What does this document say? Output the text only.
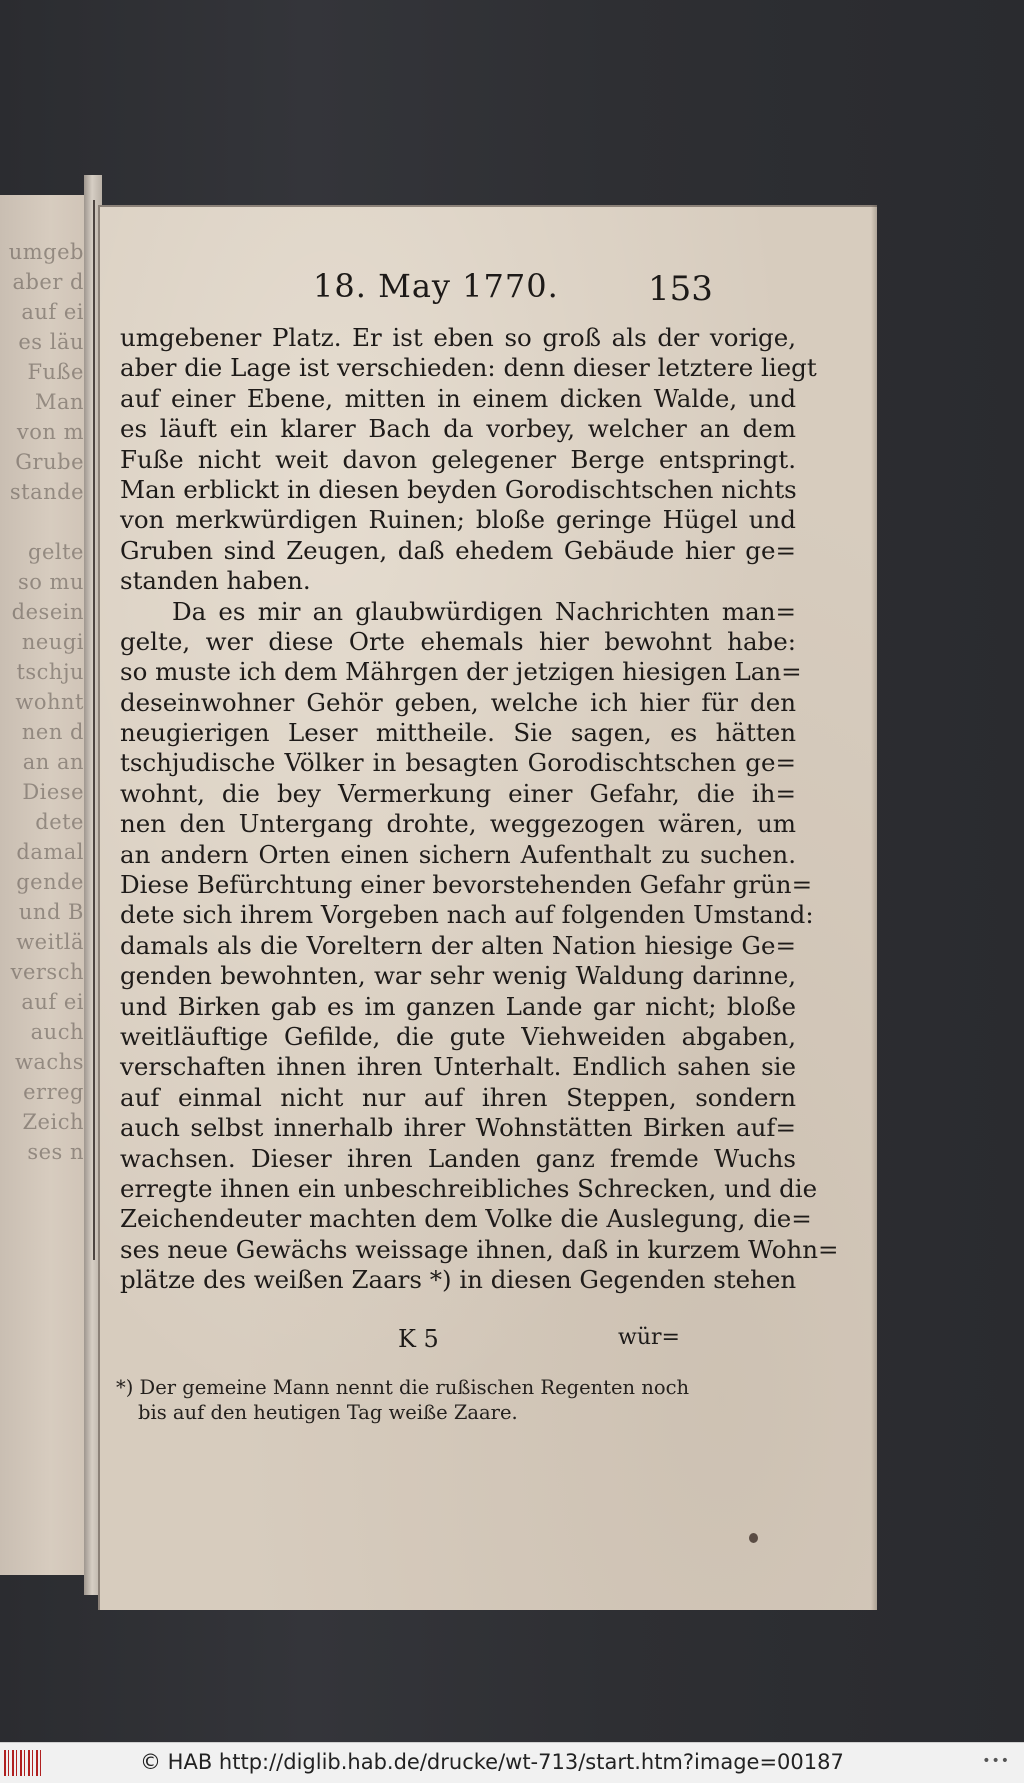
umgeb
aber d
auf ei
es läu
Fuße
Man
von m
Grube
stande
gelte
so mu
desein
neugi
tschju
wohnt
nen d
an an
Diese
dete
damal
gende
und B
weitlä
versch
auf ei
auch
wachs
erreg
Zeich
ses n
18. May 1770.	153
umgebener Platz. Er ist eben so groß als der vorige,
aber die Lage ist verschieden: denn dieser letztere liegt
auf einer Ebene, mitten in einem dicken Walde, und
es läuft ein klarer Bach da vorbey, welcher an dem
Fuße nicht weit davon gelegener Berge entspringt.
Man erblickt in diesen beyden Gorodischtschen nichts
von merkwürdigen Ruinen; bloße geringe Hügel und
Gruben sind Zeugen, daß ehedem Gebäude hier ge=
standen haben.
Da es mir an glaubwürdigen Nachrichten man=
gelte, wer diese Orte ehemals hier bewohnt habe:
so muste ich dem Mährgen der jetzigen hiesigen Lan=
deseinwohner Gehör geben, welche ich hier für den
neugierigen Leser mittheile. Sie sagen, es hätten
tschjudische Völker in besagten Gorodischtschen ge=
wohnt, die bey Vermerkung einer Gefahr, die ih=
nen den Untergang drohte, weggezogen wären, um
an andern Orten einen sichern Aufenthalt zu suchen.
Diese Befürchtung einer bevorstehenden Gefahr grün=
dete sich ihrem Vorgeben nach auf folgenden Umstand:
damals als die Voreltern der alten Nation hiesige Ge=
genden bewohnten, war sehr wenig Waldung darinne,
und Birken gab es im ganzen Lande gar nicht; bloße
weitläuftige Gefilde, die gute Viehweiden abgaben,
verschaften ihnen ihren Unterhalt. Endlich sahen sie
auf einmal nicht nur auf ihren Steppen, sondern
auch selbst innerhalb ihrer Wohnstätten Birken auf=
wachsen. Dieser ihren Landen ganz fremde Wuchs
erregte ihnen ein unbeschreibliches Schrecken, und die
Zeichendeuter machten dem Volke die Auslegung, die=
ses neue Gewächs weissage ihnen, daß in kurzem Wohn=
plätze des weißen Zaars *) in diesen Gegenden stehen
K 5	wür=
*) Der gemeine Mann nennt die rußischen Regenten noch
bis auf den heutigen Tag weiße Zaare.
© HAB http://diglib.hab.de/drucke/wt-713/start.htm?image=00187	•••
